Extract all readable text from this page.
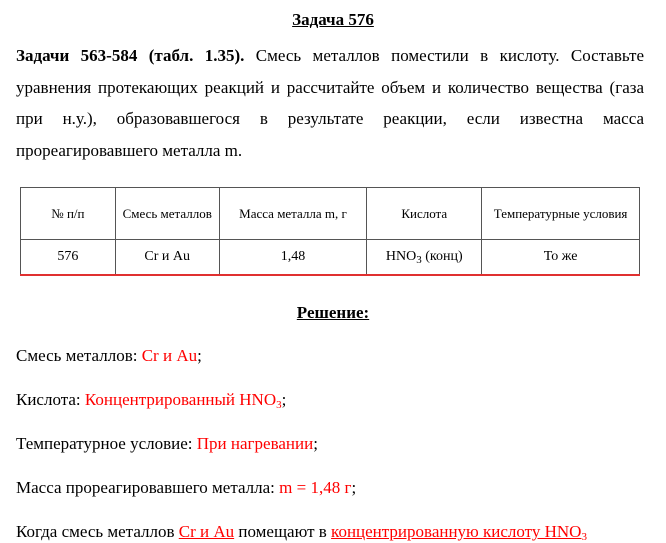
Задача 576
Задачи 563-584 (табл. 1.35). Смесь металлов поместили в кислоту. Составьте уравнения протекающих реакций и рассчитайте объем и количество вещества (газа при н.у.), образовавшегося в результате реакции, если известна масса прореагировавшего металла m.
№ п/п	Смесь металлов	Масса металла m, г	Кислота	Температурные условия
576	Cr и Au	1,48	$HNO_3$ (конц)	То же
Решение:
Смесь металлов: Cr и Au;
Кислота: Концентрированный $HNO_3$;
Температурное условие: При нагревании;
Масса прореагировавшего металла: m = 1,48 г;
Когда смесь металлов Cr и Au помещают в концентрированную кислоту $HNO_3$
